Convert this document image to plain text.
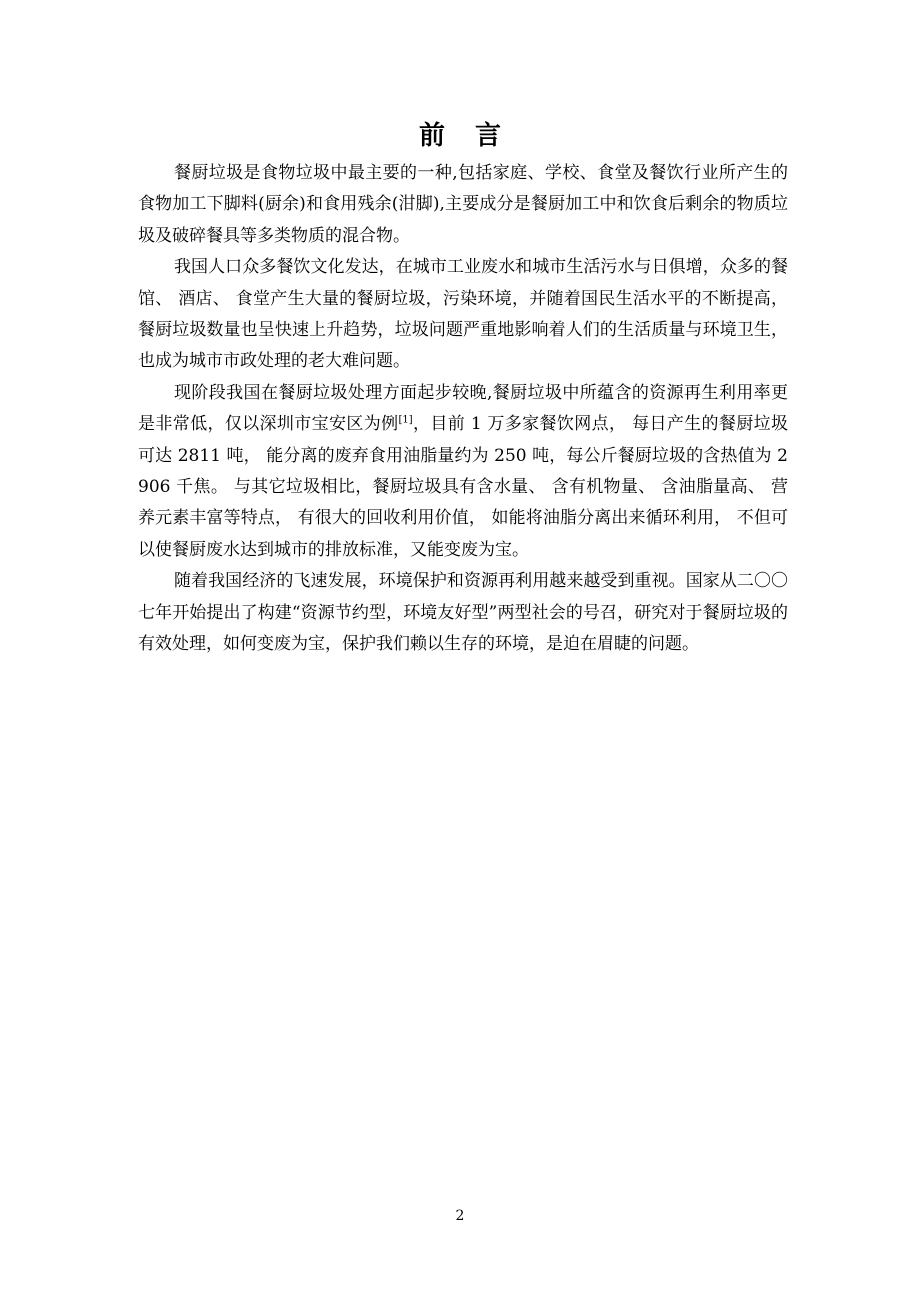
前 言

餐厨垃圾是食物垃圾中最主要的一种,包括家庭、学校、食堂及餐饮行业所产生的食物加工下脚料(厨余)和食用残余(泔脚),主要成分是餐厨加工中和饮食后剩余的物质垃圾及破碎餐具等多类物质的混合物。

我国人口众多餐饮文化发达，在城市工业废水和城市生活污水与日俱增，众多的餐馆、 酒店、 食堂产生大量的餐厨垃圾，污染环境，并随着国民生活水平的不断提高，餐厨垃圾数量也呈快速上升趋势，垃圾问题严重地影响着人们的生活质量与环境卫生，也成为城市市政处理的老大难问题。

现阶段我国在餐厨垃圾处理方面起步较晚,餐厨垃圾中所蕴含的资源再生利用率更是非常低，仅以深圳市宝安区为例[1]，目前 1 万多家餐饮网点， 每日产生的餐厨垃圾可达 2811 吨， 能分离的废弃食用油脂量约为 250 吨，每公斤餐厨垃圾的含热值为 2906 千焦。 与其它垃圾相比，餐厨垃圾具有含水量、 含有机物量、 含油脂量高、 营养元素丰富等特点， 有很大的回收利用价值， 如能将油脂分离出来循环利用， 不但可以使餐厨废水达到城市的排放标准，又能变废为宝。

随着我国经济的飞速发展，环境保护和资源再利用越来越受到重视。国家从二〇〇七年开始提出了构建“资源节约型，环境友好型”两型社会的号召，研究对于餐厨垃圾的有效处理，如何变废为宝，保护我们赖以生存的环境，是迫在眉睫的问题。

2
